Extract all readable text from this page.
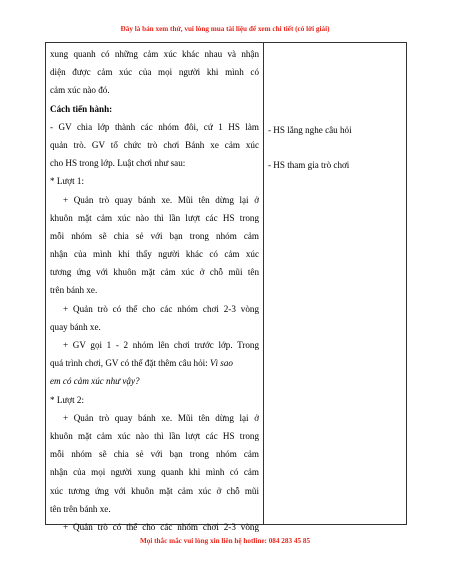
Đây là bản xem thử, vui lòng mua tài liệu để xem chi tiết (có lời giải)
xung quanh có những cảm xúc khác nhau và nhận
diện được cảm xúc của mọi người khi mình có
cảm xúc nào đó.
Cách tiến hành:
- GV chia lớp thành các nhóm đôi, cứ 1 HS làm
quản trò. GV tổ chức trò chơi Bánh xe cảm xúc
cho HS trong lớp. Luật chơi như sau:
* Lượt 1:
+ Quản trò quay bánh xe. Mũi tên dừng lại ở
khuôn mặt cảm xúc nào thì lần lượt các HS trong
mỗi nhóm sẽ chia sẻ với bạn trong nhóm cảm
nhận của mình khi thấy người khác có cảm xúc
tương ứng với khuôn mặt cảm xúc ở chỗ mũi tên
trên bánh xe.
+ Quản trò có thể cho các nhóm chơi 2-3 vòng
quay bánh xe.
+ GV gọi 1 - 2 nhóm lên chơi trước lớp. Trong
quá trình chơi, GV có thể đặt thêm câu hỏi: Vì sao
em có cảm xúc như vậy?
* Lượt 2:
+ Quản trò quay bánh xe. Mũi tên dừng lại ở
khuôn mặt cảm xúc nào thì lần lượt các HS trong
mỗi nhóm sẽ chia sẻ với bạn trong nhóm cảm
nhận của mọi người xung quanh khi mình có cảm
xúc tương ứng với khuôn mặt cảm xúc ở chỗ mũi
tên trên bánh xe.
+ Quản trò có thể cho các nhóm chơi 2-3 vòng
- HS lắng nghe câu hỏi
- HS tham gia trò chơi
Mọi thắc mắc vui lòng xin liên hệ hotline: 084 283 45 85
